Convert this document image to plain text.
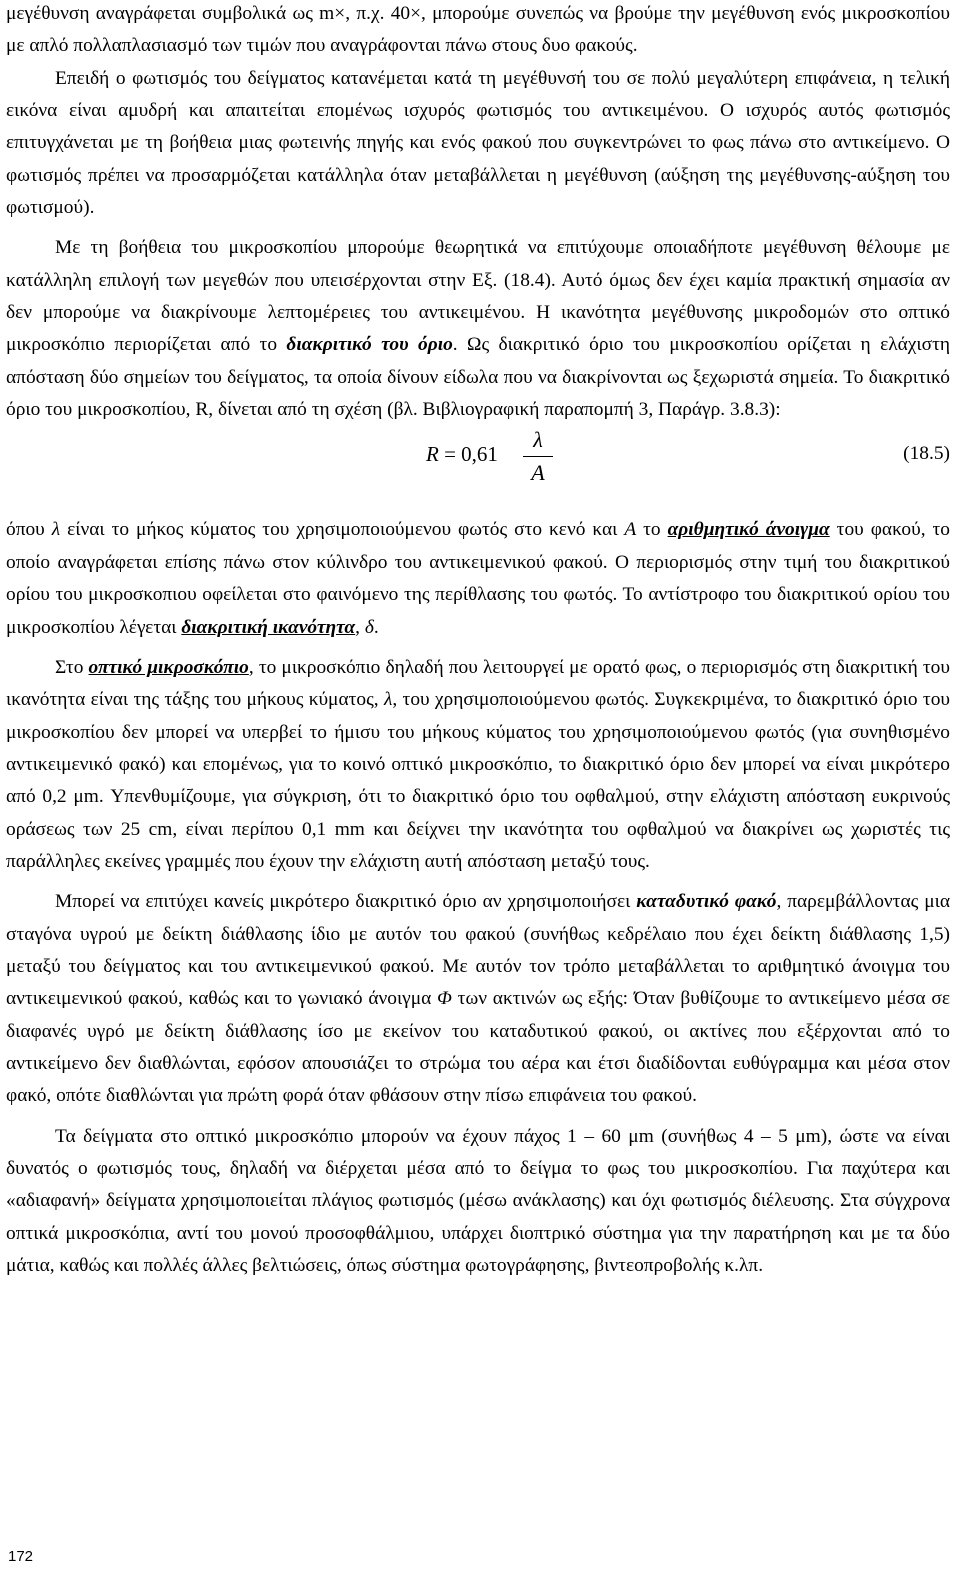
μεγέθυνση αναγράφεται συμβολικά ως m×, π.χ. 40×, μπορούμε συνεπώς να βρούμε την μεγέθυνση ενός μικροσκοπίου με απλό πολλαπλασιασμό των τιμών που αναγράφονται πάνω στους δυο φακούς.

Επειδή ο φωτισμός του δείγματος κατανέμεται κατά τη μεγέθυνσή του σε πολύ μεγαλύτερη επιφάνεια, η τελική εικόνα είναι αμυδρή και απαιτείται επομένως ισχυρός φωτισμός του αντικειμένου. Ο ισχυρός αυτός φωτισμός επιτυγχάνεται με τη βοήθεια μιας φωτεινής πηγής και ενός φακού που συγκεντρώνει το φως πάνω στο αντικείμενο. Ο φωτισμός πρέπει να προσαρμόζεται κατάλληλα όταν μεταβάλλεται η μεγέθυνση (αύξηση της μεγέθυνσης-αύξηση του φωτισμού).

Με τη βοήθεια του μικροσκοπίου μπορούμε θεωρητικά να επιτύχουμε οποιαδήποτε μεγέθυνση θέλουμε με κατάλληλη επιλογή των μεγεθών που υπεισέρχονται στην Εξ. (18.4). Αυτό όμως δεν έχει καμία πρακτική σημασία αν δεν μπορούμε να διακρίνουμε λεπτομέρειες του αντικειμένου. Η ικανότητα μεγέθυνσης μικροδομών στο οπτικό μικροσκόπιο περιορίζεται από το διακριτικό του όριο. Ως διακριτικό όριο του μικροσκοπίου ορίζεται η ελάχιστη απόσταση δύο σημείων του δείγματος, τα οποία δίνουν είδωλα που να διακρίνονται ως ξεχωριστά σημεία. Το διακριτικό όριο του μικροσκοπίου, R, δίνεται από τη σχέση (βλ. Βιβλιογραφική παραπομπή 3, Παράγρ. 3.8.3):

R = 0,61
λ
A
(18.5)

όπου λ είναι το μήκος κύματος του χρησιμοποιούμενου φωτός στο κενό και A το αριθμητικό άνοιγμα του φακού, το οποίο αναγράφεται επίσης πάνω στον κύλινδρο του αντικειμενικού φακού. Ο περιορισμός στην τιμή του διακριτικού ορίου του μικροσκοπιου οφείλεται στο φαινόμενο της περίθλασης του φωτός. Το αντίστροφο του διακριτικού ορίου του μικροσκοπίου λέγεται διακριτική ικανότητα, δ.

Στο οπτικό μικροσκόπιο, το μικροσκόπιο δηλαδή που λειτουργεί με ορατό φως, ο περιορισμός στη διακριτική του ικανότητα είναι της τάξης του μήκους κύματος, λ, του χρησιμοποιούμενου φωτός. Συγκεκριμένα, το διακριτικό όριο του μικροσκοπίου δεν μπορεί να υπερβεί το ήμισυ του μήκους κύματος του χρησιμοποιούμενου φωτός (για συνηθισμένο αντικειμενικό φακό) και επομένως, για το κοινό οπτικό μικροσκόπιο, το διακριτικό όριο δεν μπορεί να είναι μικρότερο από 0,2 μm. Υπενθυμίζουμε, για σύγκριση, ότι το διακριτικό όριο του οφθαλμού, στην ελάχιστη απόσταση ευκρινούς οράσεως των 25 cm, είναι περίπου 0,1 mm και δείχνει την ικανότητα του οφθαλμού να διακρίνει ως χωριστές τις παράλληλες εκείνες γραμμές που έχουν την ελάχιστη αυτή απόσταση μεταξύ τους.

Μπορεί να επιτύχει κανείς μικρότερο διακριτικό όριο αν χρησιμοποιήσει καταδυτικό φακό, παρεμβάλλοντας μια σταγόνα υγρού με δείκτη διάθλασης ίδιο με αυτόν του φακού (συνήθως κεδρέλαιο που έχει δείκτη διάθλασης 1,5) μεταξύ του δείγματος και του αντικειμενικού φακού. Με αυτόν τον τρόπο μεταβάλλεται το αριθμητικό άνοιγμα του αντικειμενικού φακού, καθώς και το γωνιακό άνοιγμα Φ των ακτινών ως εξής: Όταν βυθίζουμε το αντικείμενο μέσα σε διαφανές υγρό με δείκτη διάθλασης ίσο με εκείνον του καταδυτικού φακού, οι ακτίνες που εξέρχονται από το αντικείμενο δεν διαθλώνται, εφόσον απουσιάζει το στρώμα του αέρα και έτσι διαδίδονται ευθύγραμμα και μέσα στον φακό, οπότε διαθλώνται για πρώτη φορά όταν φθάσουν στην πίσω επιφάνεια του φακού.

Τα δείγματα στο οπτικό μικροσκόπιο μπορούν να έχουν πάχος 1 – 60 μm (συνήθως 4 – 5 μm), ώστε να είναι δυνατός ο φωτισμός τους, δηλαδή να διέρχεται μέσα από το δείγμα το φως του μικροσκοπίου. Για παχύτερα και «αδιαφανή» δείγματα χρησιμοποιείται πλάγιος φωτισμός (μέσω ανάκλασης) και όχι φωτισμός διέλευσης. Στα σύγχρονα οπτικά μικροσκόπια, αντί του μονού προσοφθάλμιου, υπάρχει διοπτρικό σύστημα για την παρατήρηση και με τα δύο μάτια, καθώς και πολλές άλλες βελτιώσεις, όπως σύστημα φωτογράφησης, βιντεοπροβολής κ.λπ.

172
